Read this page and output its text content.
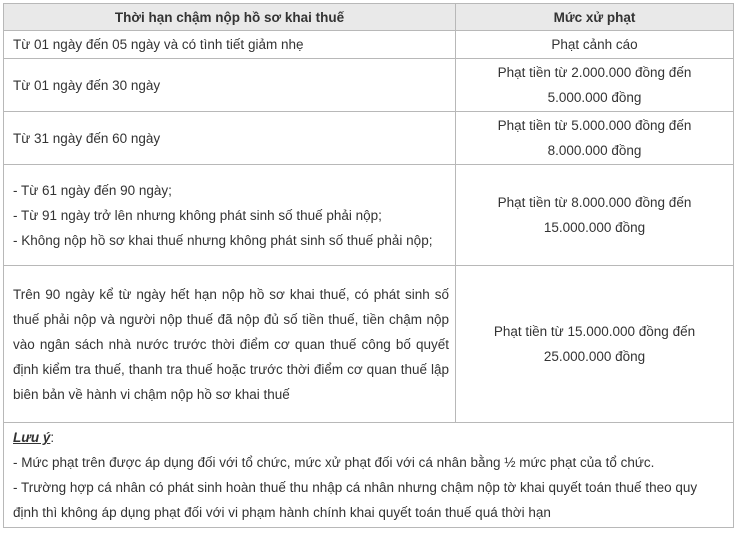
Thời hạn chậm nộp hồ sơ khai thuế	Mức xử phạt

Từ 01 ngày đến 05 ngày và có tình tiết giảm nhẹ	Phạt cảnh cáo

Từ 01 ngày đến 30 ngày	Phạt tiền từ 2.000.000 đồng đến
5.000.000 đồng

Từ 31 ngày đến 60 ngày	Phạt tiền từ 5.000.000 đồng đến
8.000.000 đồng

- Từ 61 ngày đến 90 ngày;
- Từ 91 ngày trở lên nhưng không phát sinh số thuế phải nộp;
- Không nộp hồ sơ khai thuế nhưng không phát sinh số thuế phải nộp;	Phạt tiền từ 8.000.000 đồng đến
15.000.000 đồng

Trên 90 ngày kể từ ngày hết hạn nộp hồ sơ khai thuế, có phát sinh số thuế phải nộp và người nộp thuế đã nộp đủ số tiền thuế, tiền chậm nộp vào ngân sách nhà nước trước thời điểm cơ quan thuế công bố quyết định kiểm tra thuế, thanh tra thuế hoặc trước thời điểm cơ quan thuế lập biên bản về hành vi chậm nộp hồ sơ khai thuế	Phạt tiền từ 15.000.000 đồng đến
25.000.000 đồng

Lưu ý:
- Mức phạt trên được áp dụng đối với tổ chức, mức xử phạt đối với cá nhân bằng ½ mức phạt của tổ chức.
- Trường hợp cá nhân có phát sinh hoàn thuế thu nhập cá nhân nhưng chậm nộp tờ khai quyết toán thuế theo quy định thì không áp dụng phạt đối với vi phạm hành chính khai quyết toán thuế quá thời hạn	
